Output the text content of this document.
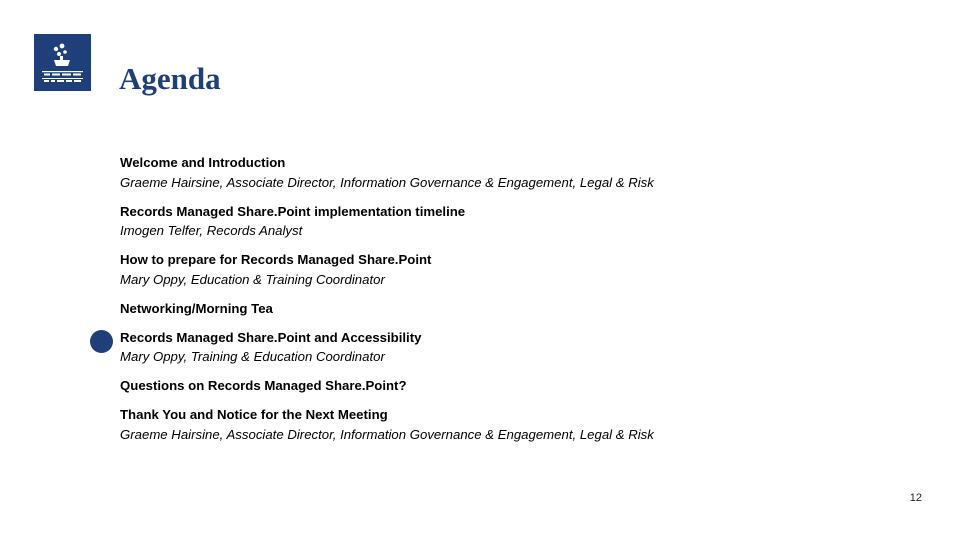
Agenda
Welcome and Introduction
Graeme Hairsine, Associate Director, Information Governance & Engagement, Legal & Risk
Records Managed Share.Point implementation timeline
Imogen Telfer, Records Analyst
How to prepare for Records Managed Share.Point
Mary Oppy, Education & Training Coordinator
Networking/Morning Tea
Records Managed Share.Point and Accessibility
Mary Oppy, Training & Education Coordinator
Questions on Records Managed Share.Point?
Thank You and Notice for the Next Meeting
Graeme Hairsine, Associate Director, Information Governance & Engagement, Legal & Risk
12
